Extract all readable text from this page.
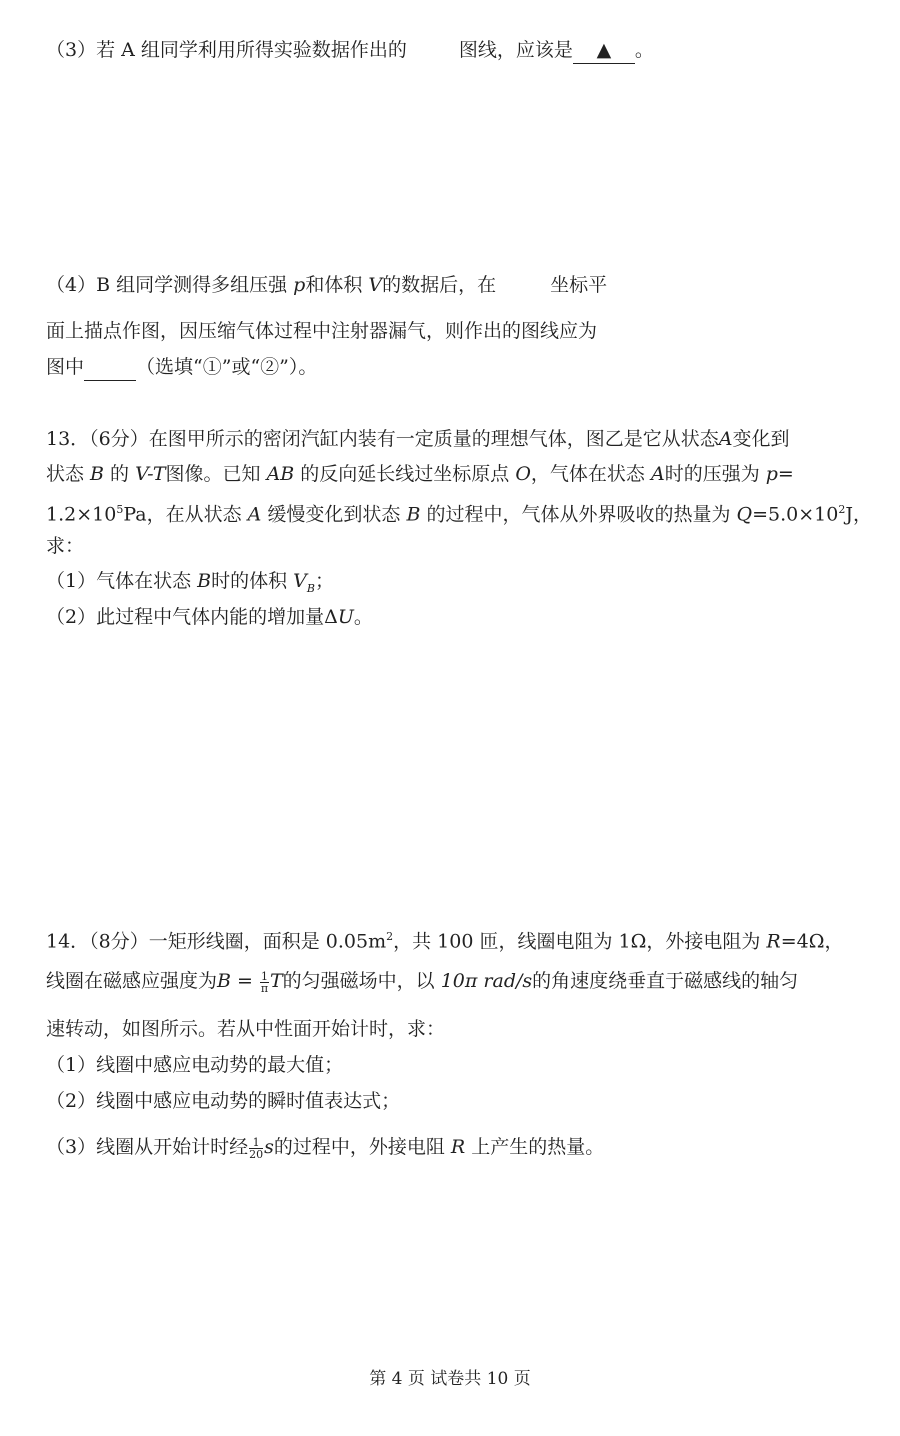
（3）若 A 组同学利用所得实验数据作出的	图线，应该是 ▲ 。
（4）B 组同学测得多组压强 p和体积 V的数据后，在	坐标平
面上描点作图，因压缩气体过程中注射器漏气，则作出的图线应为
图中	（选填“①”或“②”）。
13．（6分）在图甲所示的密闭汽缸内装有一定质量的理想气体，图乙是它从状态A变化到
状态 B 的 V-T图像。已知 AB 的反向延长线过坐标原点 O，气体在状态 A时的压强为 p=
$1.2\times 10^5Pa$，在从状态 A 缓慢变化到状态 B 的过程中，气体从外界吸收的热量为 $Q=5.0\times 10^2J$，
求：
（1）气体在状态 B时的体积 $V_B$；
（2）此过程中气体内能的增加量ΔU。
14．（8分）一矩形线圈，面积是 $0.05m^2$，共 100 匝，线圈电阻为 1Ω，外接电阻为 R=4Ω，
线圈在磁感应强度为$B = \frac{1}{\pi}$ T的匀强磁场中，以 10π rad/s的角速度绕垂直于磁感线的轴匀
速转动，如图所示。若从中性面开始计时，求：
（1）线圈中感应电动势的最大值；
（2）线圈中感应电动势的瞬时值表达式；
（3）线圈从开始计时经 $\frac{1}{20}$ s的过程中，外接电阻 R 上产生的热量。
第 4 页 试卷共 10 页
